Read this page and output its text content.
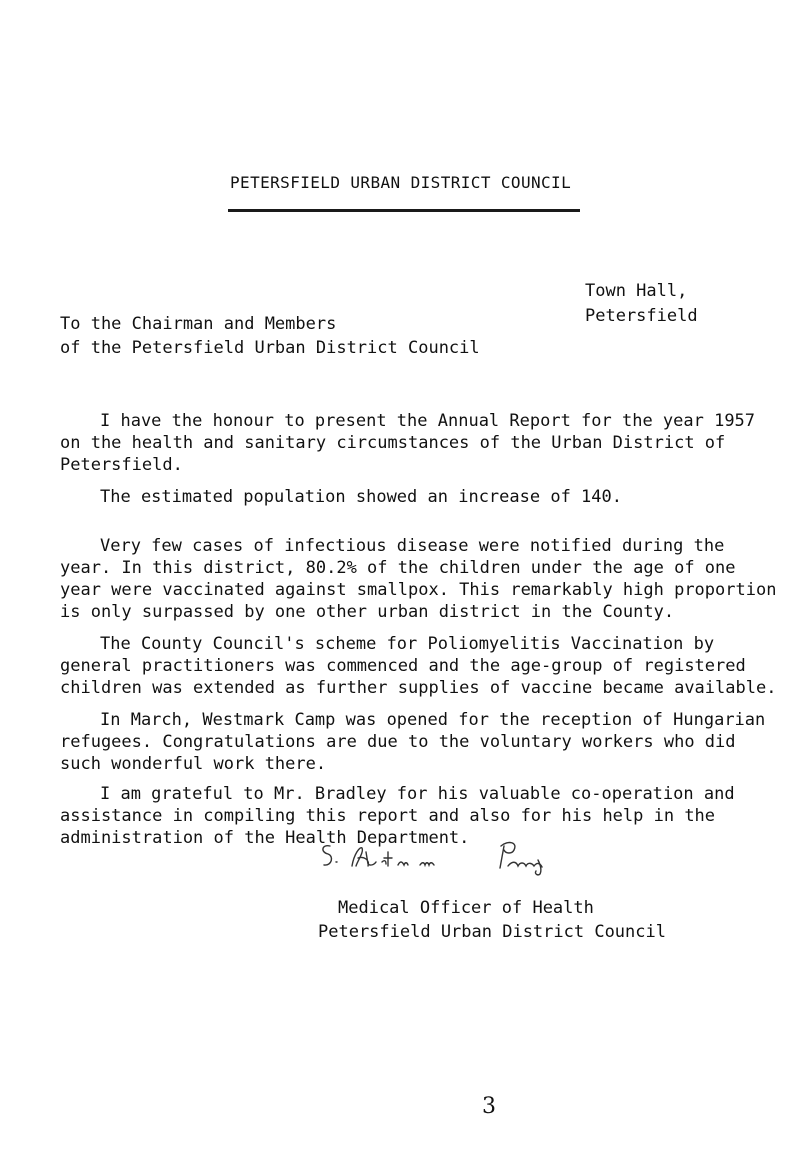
PETERSFIELD URBAN DISTRICT COUNCIL
Town Hall,
Petersfield
To the Chairman and Members
of the Petersfield Urban District Council

I have the honour to present the Annual Report for the year 1957
on the health and sanitary circumstances of the Urban District of
Petersfield.

The estimated population showed an increase of 140.

Very few cases of infectious disease were notified during the
year. In this district, 80.2% of the children under the age of one
year were vaccinated against smallpox. This remarkably high proportion
is only surpassed by one other urban district in the County.

The County Council's scheme for Poliomyelitis Vaccination by
general practitioners was commenced and the age-group of registered
children was extended as further supplies of vaccine became available.

In March, Westmark Camp was opened for the reception of Hungarian
refugees. Congratulations are due to the voluntary workers who did
such wonderful work there.

I am grateful to Mr. Bradley for his valuable co-operation and
assistance in compiling this report and also for his help in the
administration of the Health Department.

Medical Officer of Health
Petersfield Urban District Council
3
